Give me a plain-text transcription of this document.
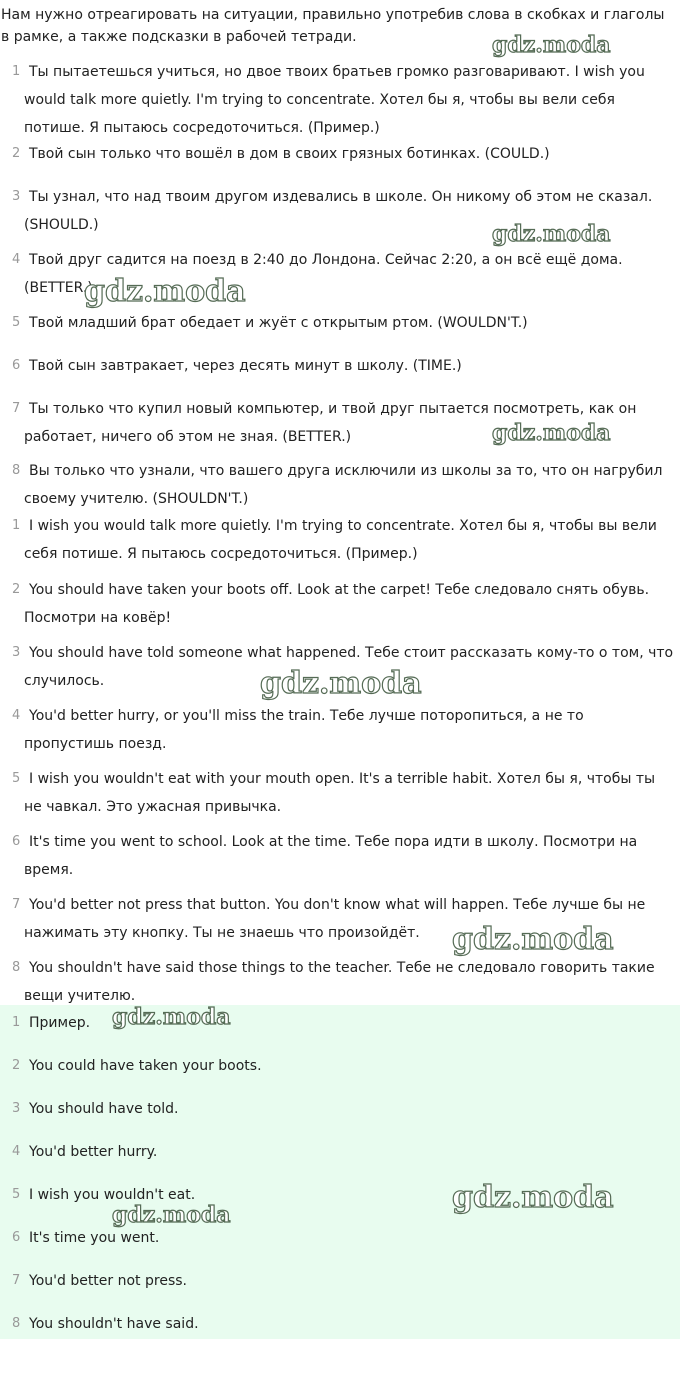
Нам нужно отреагировать на ситуации, правильно употребив слова в скобках и глаголы в рамке, а также подсказки в рабочей тетради.

1 Ты пытаетешься учиться, но двое твоих братьев громко разговаривают. I wish you would talk more quietly. I'm trying to concentrate. Хотел бы я, чтобы вы вели себя потише. Я пытаюсь сосредоточиться. (Пример.)
2 Твой сын только что вошёл в дом в своих грязных ботинках. (COULD.)
3 Ты узнал, что над твоим другом издевались в школе. Он никому об этом не сказал. (SHOULD.)
4 Твой друг садится на поезд в 2:40 до Лондона. Сейчас 2:20, а он всё ещё дома. (BETTER.)
5 Твой младший брат обедает и жуёт с открытым ртом. (WOULDN'T.)
6 Твой сын завтракает, через десять минут в школу. (TIME.)
7 Ты только что купил новый компьютер, и твой друг пытается посмотреть, как он работает, ничего об этом не зная. (BETTER.)
8 Вы только что узнали, что вашего друга исключили из школы за то, что он нагрубил своему учителю. (SHOULDN'T.)
1 I wish you would talk more quietly. I'm trying to concentrate. Хотел бы я, чтобы вы вели себя потише. Я пытаюсь сосредоточиться. (Пример.)
2 You should have taken your boots off. Look at the carpet! Тебе следовало снять обувь. Посмотри на ковёр!
3 You should have told someone what happened. Тебе стоит рассказать кому-то о том, что случилось.
4 You'd better hurry, or you'll miss the train. Тебе лучше поторопиться, а не то пропустишь поезд.
5 I wish you wouldn't eat with your mouth open. It's a terrible habit. Хотел бы я, чтобы ты не чавкал. Это ужасная привычка.
6 It's time you went to school. Look at the time. Тебе пора идти в школу. Посмотри на время.
7 You'd better not press that button. You don't know what will happen. Тебе лучше бы не нажимать эту кнопку. Ты не знаешь что произойдёт.
8 You shouldn't have said those things to the teacher. Тебе не следовало говорить такие вещи учителю.
1 Пример.
2 You could have taken your boots.
3 You should have told.
4 You'd better hurry.
5 I wish you wouldn't eat.
6 It's time you went.
7 You'd better not press.
8 You shouldn't have said.
gdz.moda
gdz.moda
gdz.moda
gdz.moda
gdz.moda
gdz.moda
gdz.moda
gdz.moda
gdz.moda
